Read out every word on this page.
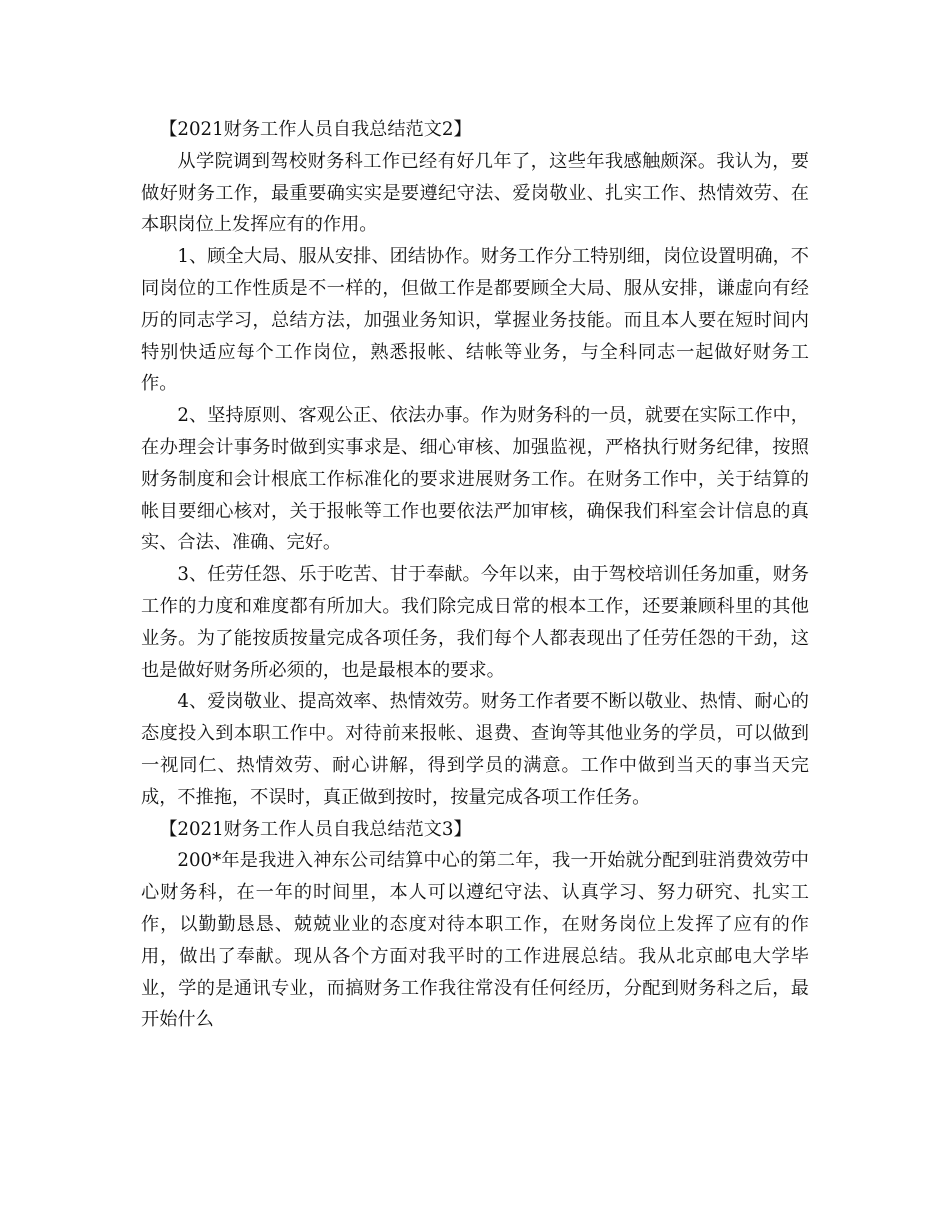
【2021财务工作人员自我总结范文2】

从学院调到驾校财务科工作已经有好几年了，这些年我感触颇深。我认为，要做好财务工作，最重要确实实是要遵纪守法、爱岗敬业、扎实工作、热情效劳、在本职岗位上发挥应有的作用。

1、顾全大局、服从安排、团结协作。财务工作分工特别细，岗位设置明确，不同岗位的工作性质是不一样的，但做工作是都要顾全大局、服从安排，谦虚向有经历的同志学习，总结方法，加强业务知识，掌握业务技能。而且本人要在短时间内特别快适应每个工作岗位，熟悉报帐、结帐等业务，与全科同志一起做好财务工作。

2、坚持原则、客观公正、依法办事。作为财务科的一员，就要在实际工作中，在办理会计事务时做到实事求是、细心审核、加强监视，严格执行财务纪律，按照财务制度和会计根底工作标准化的要求进展财务工作。在财务工作中，关于结算的帐目要细心核对，关于报帐等工作也要依法严加审核，确保我们科室会计信息的真实、合法、准确、完好。

3、任劳任怨、乐于吃苦、甘于奉献。今年以来，由于驾校培训任务加重，财务工作的力度和难度都有所加大。我们除完成日常的根本工作，还要兼顾科里的其他业务。为了能按质按量完成各项任务，我们每个人都表现出了任劳任怨的干劲，这也是做好财务所必须的，也是最根本的要求。

4、爱岗敬业、提高效率、热情效劳。财务工作者要不断以敬业、热情、耐心的态度投入到本职工作中。对待前来报帐、退费、查询等其他业务的学员，可以做到一视同仁、热情效劳、耐心讲解，得到学员的满意。工作中做到当天的事当天完成，不推拖，不误时，真正做到按时，按量完成各项工作任务。

【2021财务工作人员自我总结范文3】

200*年是我进入神东公司结算中心的第二年，我一开始就分配到驻消费效劳中心财务科，在一年的时间里，本人可以遵纪守法、认真学习、努力研究、扎实工作，以勤勤恳恳、兢兢业业的态度对待本职工作，在财务岗位上发挥了应有的作用，做出了奉献。现从各个方面对我平时的工作进展总结。我从北京邮电大学毕业，学的是通讯专业，而搞财务工作我往常没有任何经历，分配到财务科之后，最开始什么
